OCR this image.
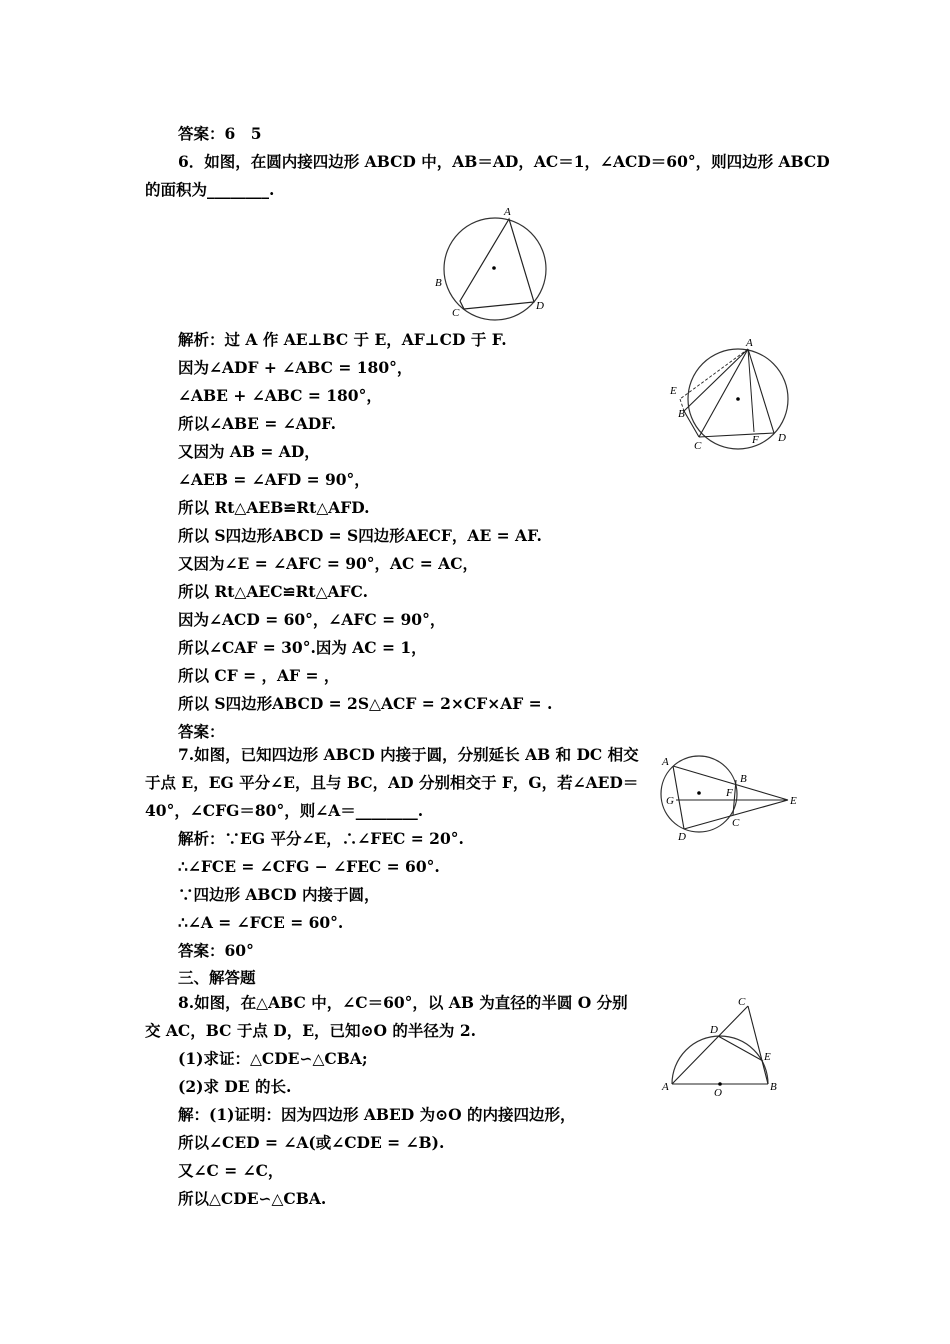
答案：6　5
6．如图，在圆内接四边形 ABCD 中，AB＝AD，AC＝1，∠ACD＝60°，则四边形 ABCD
的面积为________.
A
B
C
D
解析：过 A 作 AE⊥BC 于 E，AF⊥CD 于 F.
因为∠ADF + ∠ABC = 180°，
∠ABE + ∠ABC = 180°，
所以∠ABE = ∠ADF.
又因为 AB = AD，
∠AEB = ∠AFD = 90°，
所以 Rt△AEB≌Rt△AFD.
所以 S四边形ABCD = S四边形AECF，AE = AF.
又因为∠E = ∠AFC = 90°，AC = AC，
所以 Rt△AEC≌Rt△AFC.
因为∠ACD = 60°，∠AFC = 90°，
所以∠CAF = 30°.因为 AC = 1，
所以 CF = ，AF = ，
所以 S四边形ABCD = 2S△ACF = 2×CF×AF = .
答案：
A
B
C
D
E
F
7.如图，已知四边形 ABCD 内接于圆，分别延长 AB 和 DC 相交
于点 E，EG 平分∠E，且与 BC，AD 分别相交于 F，G，若∠AED＝
40°，∠CFG＝80°，则∠A＝________.
解析：∵EG 平分∠E，∴∠FEC = 20°.
∴∠FCE = ∠CFG − ∠FEC = 60°.
∵四边形 ABCD 内接于圆，
∴∠A = ∠FCE = 60°.
答案：60°
A
B
C
D
E
F
G
三、解答题
8.如图，在△ABC 中，∠C＝60°，以 AB 为直径的半圆 O 分别
交 AC，BC 于点 D，E，已知⊙O 的半径为 2.
(1)求证：△CDE∽△CBA;
(2)求 DE 的长.
解：(1)证明：因为四边形 ABED 为⊙O 的内接四边形，
所以∠CED = ∠A(或∠CDE = ∠B).
又∠C = ∠C，
所以△CDE∽△CBA.
C
D
E
A	B
O
